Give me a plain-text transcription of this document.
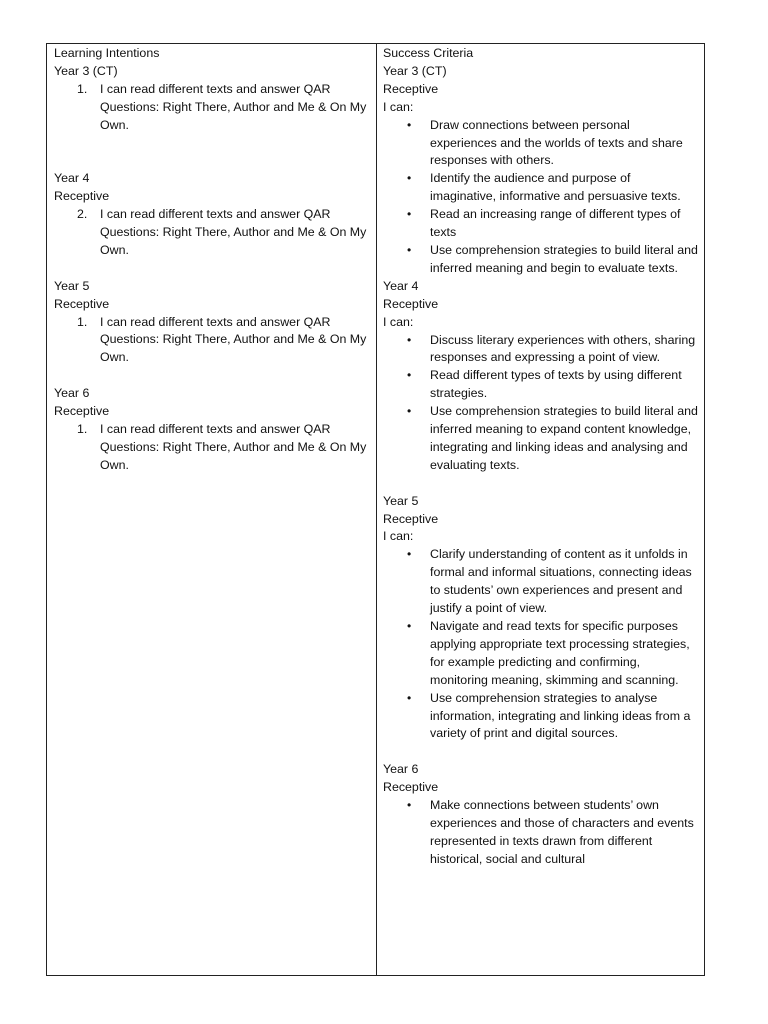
Learning Intentions
Year 3 (CT)
1. I can read different texts and answer QAR Questions: Right There, Author and Me & On My Own.
Year 4
Receptive
2. I can read different texts and answer QAR Questions: Right There, Author and Me & On My Own.
Year 5
Receptive
1. I can read different texts and answer QAR Questions: Right There, Author and Me & On My Own.
Year 6
Receptive
1. I can read different texts and answer QAR Questions: Right There, Author and Me & On My Own.
Success Criteria
Year 3 (CT)
Receptive
I can:
• Draw connections between personal experiences and the worlds of texts and share responses with others.
• Identify the audience and purpose of imaginative, informative and persuasive texts.
• Read an increasing range of different types of texts
• Use comprehension strategies to build literal and inferred meaning and begin to evaluate texts.
Year 4
Receptive
I can:
• Discuss literary experiences with others, sharing responses and expressing a point of view.
• Read different types of texts by using different strategies.
• Use comprehension strategies to build literal and inferred meaning to expand content knowledge, integrating and linking ideas and analysing and evaluating texts.
Year 5
Receptive
I can:
• Clarify understanding of content as it unfolds in formal and informal situations, connecting ideas to students’ own experiences and present and justify a point of view.
• Navigate and read texts for specific purposes applying appropriate text processing strategies, for example predicting and confirming, monitoring meaning, skimming and scanning.
• Use comprehension strategies to analyse information, integrating and linking ideas from a variety of print and digital sources.
Year 6
Receptive
• Make connections between students’ own experiences and those of characters and events represented in texts drawn from different historical, social and cultural
